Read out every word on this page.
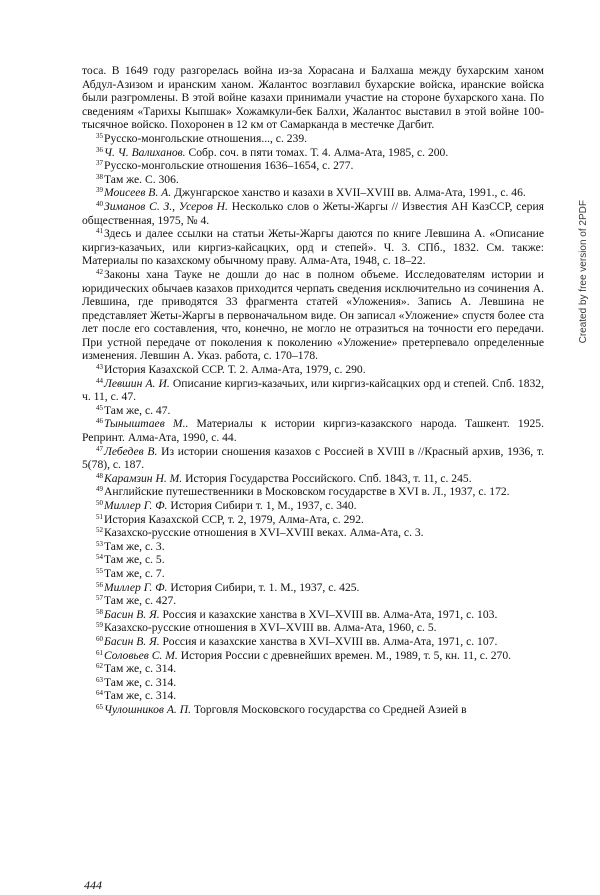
тоса. В 1649 году разгорелась война из-за Хорасана и Балхаша между бухарским ханом Абдул-Азизом и иранским ханом. Жалантос возглавил бухарские войска, иранские войска были разгромлены. В этой войне казахи принимали участие на стороне бухарского хана. По сведениям «Тарихы Кыпшак» Хожамкули-бек Балхи, Жалантос выставил в этой войне 100-тысячное войско. Похоронен в 12 км от Самарканда в местечке Дагбит.

$^{35}$Русско-монгольские отношения..., с. 239.

$^{36}$Ч. Ч. Валиханов. Собр. соч. в пяти томах. Т. 4. Алма-Ата, 1985, с. 200.

$^{37}$Русско-монгольские отношения 1636–1654, с. 277.

$^{38}$Там же. С. 306.

$^{39}$Моисеев В. А. Джунгарское ханство и казахи в XVII–XVIII вв. Алма-Ата, 1991., с. 46.

$^{40}$Зиманов С. З., Усеров Н. Несколько слов о Жеты-Жаргы // Известия АН КазССР, серия общественная, 1975, № 4.

$^{41}$Здесь и далее ссылки на статьи Жеты-Жаргы даются по книге Левшина А. «Описание киргиз-казачьих, или киргиз-кайсацких, орд и степей». Ч. 3. СПб., 1832. См. также: Материалы по казахскому обычному праву. Алма-Ата, 1948, с. 18–22.

$^{42}$Законы хана Тауке не дошли до нас в полном объеме. Исследователям истории и юридических обычаев казахов приходится черпать сведения исключительно из сочинения А. Левшина, где приводятся 33 фрагмента статей «Уложения». Запись А. Левшина не представляет Жеты-Жаргы в первоначальном виде. Он записал «Уложение» спустя более ста лет после его составления, что, конечно, не могло не отразиться на точности его передачи. При устной передаче от поколения к поколению «Уложение» претерпевало определенные изменения. Левшин А. Указ. работа, с. 170–178.

$^{43}$История Казахской ССР. Т. 2. Алма-Ата, 1979, с. 290.

$^{44}$Левшин А. И. Описание киргиз-казачьих, или киргиз-кайсацких орд и степей. Спб. 1832, ч. 11, с. 47.

$^{45}$Там же, с. 47.

$^{46}$Тыныштаев М.. Материалы к истории киргиз-казакского народа. Ташкент. 1925. Репринт. Алма-Ата, 1990, с. 44.

$^{47}$Лебедев В. Из истории сношения казахов с Россией в XVIII в //Красный архив, 1936, т. 5(78), с. 187.

$^{48}$Карамзин Н. М. История Государства Российского. Спб. 1843, т. 11, с. 245.

$^{49}$Английские путешественники в Московском государстве в XVI в. Л., 1937, с. 172.

$^{50}$Миллер Г. Ф. История Сибири т. 1, М., 1937, с. 340.

$^{51}$История Казахской ССР, т. 2, 1979, Алма-Ата, с. 292.

$^{52}$Казахско-русские отношения в XVI–XVIII веках. Алма-Ата, с. 3.

$^{53}$Там же, с. 3.

$^{54}$Там же, с. 5.

$^{55}$Там же, с. 7.

$^{56}$Миллер Г. Ф. История Сибири, т. 1. М., 1937, с. 425.

$^{57}$Там же, с. 427.

$^{58}$Басин В. Я. Россия и казахские ханства в XVI–XVIII вв. Алма-Ата, 1971, с. 103.

$^{59}$Казахско-русские отношения в XVI–XVIII вв. Алма-Ата, 1960, с. 5.

$^{60}$Басин В. Я. Россия и казахские ханства в XVI–XVIII вв. Алма-Ата, 1971, с. 107.

$^{61}$Соловьев С. М. История России с древнейших времен. М., 1989, т. 5, кн. 11, с. 270.

$^{62}$Там же, с. 314.

$^{63}$Там же, с. 314.

$^{64}$Там же, с. 314.

$^{65}$Чулошников А. П. Торговля Московского государства со Средней Азией в

Created by free version of 2PDF
444
